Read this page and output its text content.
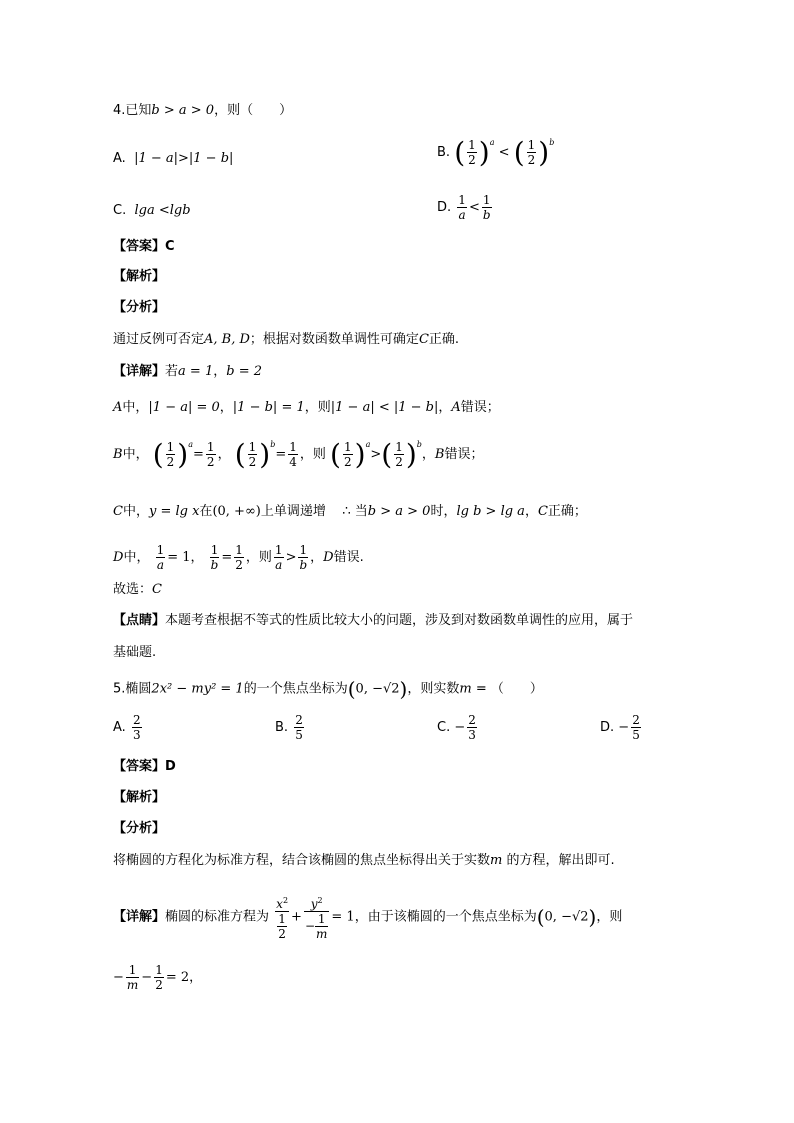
4.已知b > a > 0，则（　　）
A. |1 − a|>|1 − b|	B. ( $\frac{1}{2} )^a$ < ( $\frac{1}{2} )^b$
C. lga <lgb	D. $\frac{1}{a} < \frac{1}{b}$
【答案】C
【解析】
【分析】
通过反例可否定A, B, D；根据对数函数单调性可确定C正确.
【详解】若a = 1，b = 2
A中，|1 − a| = 0，|1 − b| = 1，则|1 − a| < |1 − b|，A错误；
B中， ( $\frac{1}{2} )^a= \frac{1}{2}$ ， ( $\frac{1}{2} )^b= \frac{1}{4}$ ，则 ( $\frac{1}{2} )^a>( \frac{1}{2} )^b$，B错误；
C中，y = lg x在(0, +∞)上单调递增 ∴ 当b > a > 0时，lg b > lg a，C正确；
D中， $\frac{1}{a} = 1$， $\frac{1}{b} = \frac{1}{2}$ ，则 $\frac{1}{a} > \frac{1}{b}$ ，D错误.
故选：C
【点睛】本题考查根据不等式的性质比较大小的问题，涉及到对数函数单调性的应用，属于
基础题.
5.椭圆2x² − my² = 1的一个焦点坐标为(0, −√2)，则实数m = （　　）
A. $\frac{2}{3}$	B. $\frac{2}{5}$	C. − $\frac{2}{3}$	D. − $\frac{2}{5}$
【答案】D
【解析】
【分析】
将椭圆的方程化为标准方程，结合该椭圆的焦点坐标得出关于实数m 的方程，解出即可.
【详解】椭圆的标准方程为 $\frac{x^2}{\frac{1}{2}} + \frac{y^2}{- \frac{1}{m}} = 1$，由于该椭圆的一个焦点坐标为(0, −√2)，则
− $\frac{1}{m} - \frac{1}{2} = 2$，
